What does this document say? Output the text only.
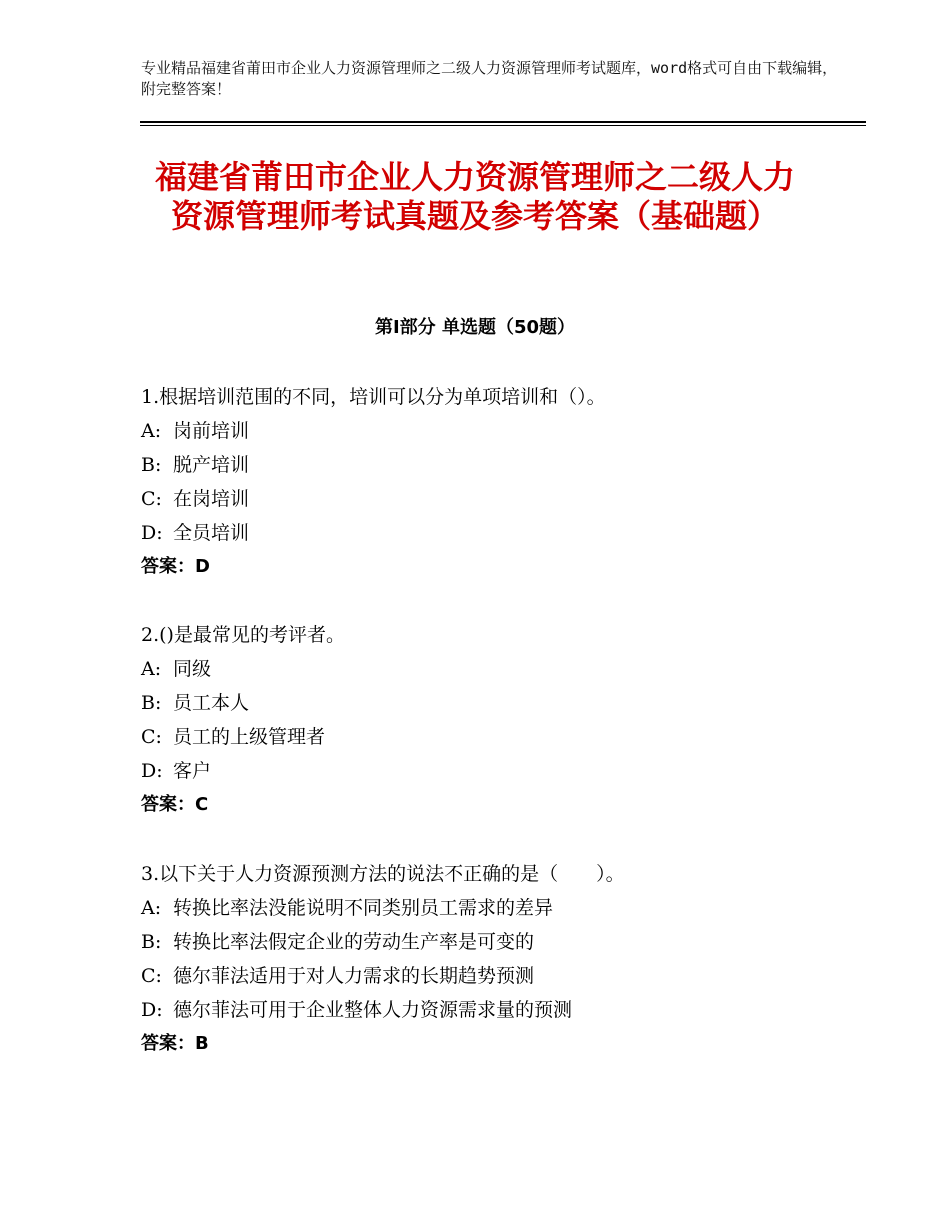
专业精品福建省莆田市企业人力资源管理师之二级人力资源管理师考试题库，word格式可自由下载编辑，附完整答案！
福建省莆田市企业人力资源管理师之二级人力资源管理师考试真题及参考答案（基础题）
第Ⅰ部分 单选题（50题）
1.根据培训范围的不同，培训可以分为单项培训和（）。
A: 岗前培训
B: 脱产培训
C: 在岗培训
D: 全员培训
答案：D
2.()是最常见的考评者。
A: 同级
B: 员工本人
C: 员工的上级管理者
D: 客户
答案：C
3.以下关于人力资源预测方法的说法不正确的是（　　）。
A: 转换比率法没能说明不同类别员工需求的差异
B: 转换比率法假定企业的劳动生产率是可变的
C: 德尔菲法适用于对人力需求的长期趋势预测
D: 德尔菲法可用于企业整体人力资源需求量的预测
答案：B
